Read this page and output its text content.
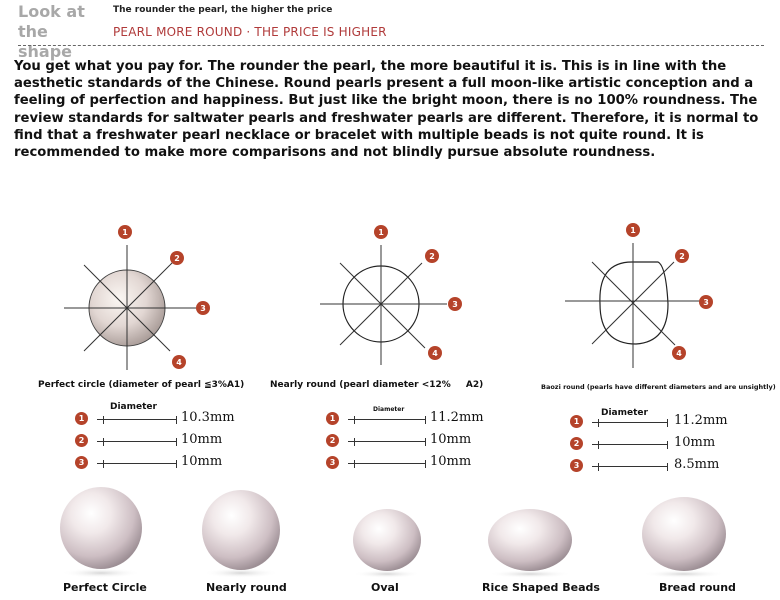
Look at the shape
The rounder the pearl, the higher the price
PEARL MORE ROUND · THE PRICE IS HIGHER
You get what you pay for. The rounder the pearl, the more beautiful it is. This is in line with the aesthetic standards of the Chinese. Round pearls present a full moon-like artistic conception and a feeling of perfection and happiness. But just like the bright moon, there is no 100% roundness. The review standards for saltwater pearls and freshwater pearls are different. Therefore, it is normal to find that a freshwater pearl necklace or bracelet with multiple beads is not quite round. It is recommended to make more comparisons and not blindly pursue absolute roundness.
1
2
3
4
1
2
3
4
1
2
3
4
Perfect circle (diameter of pearl ≦3%A1)	Nearly round (pearl diameter <12% A2)	Baozi round (pearls have different diameters and are unsightly)
Diameter
1	10.3mm
2	10mm
3	10mm
Diameter
1	11.2mm
2	10mm
3	10mm
Diameter
1	11.2mm
2	10mm
3	8.5mm
Perfect Circle	Nearly round	Oval	Rice Shaped Beads	Bread round
